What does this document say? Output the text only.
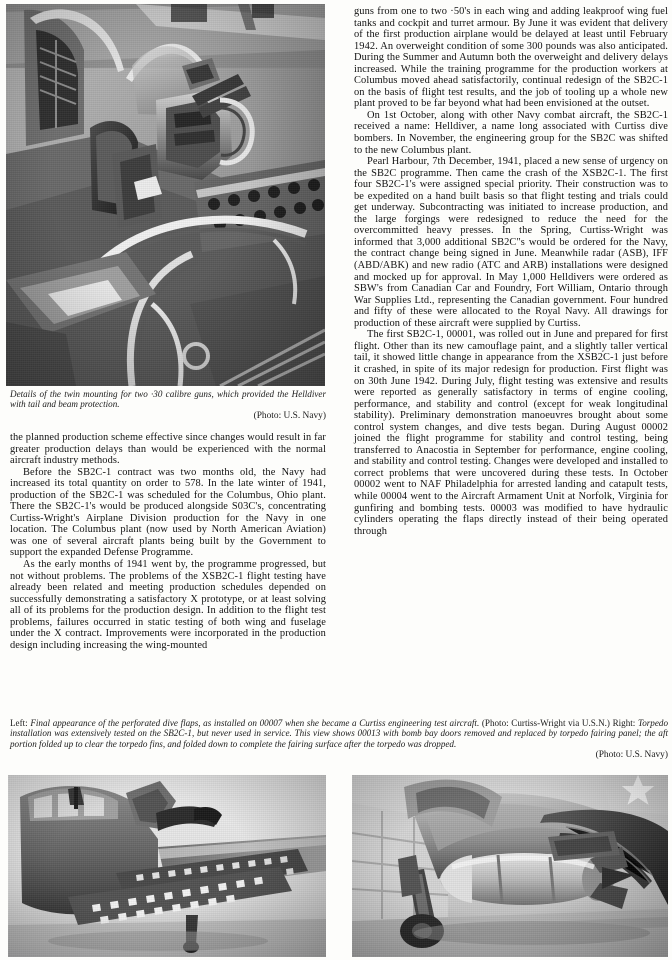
Details of the twin mounting for two ·30 calibre guns, which provided the Helldiver with tail and beam protection.
(Photo: U.S. Navy)

the planned production scheme effective since changes would result in far greater production delays than would be experienced with the normal aircraft industry methods.

Before the SB2C-1 contract was two months old, the Navy had increased its total quantity on order to 578. In the late winter of 1941, production of the SB2C-1 was scheduled for the Columbus, Ohio plant. There the SB2C-1's would be produced alongside S03C's, concentrating Curtiss-Wright's Airplane Division production for the Navy in one location. The Columbus plant (now used by North American Aviation) was one of several aircraft plants being built by the Government to support the expanded Defense Programme.

As the early months of 1941 went by, the programme progressed, but not without problems. The problems of the XSB2C-1 flight testing have already been related and meeting production schedules depended on successfully demonstrating a satisfactory X prototype, or at least solving all of its problems for the production design. In addition to the flight test problems, failures occurred in static testing of both wing and fuselage under the X contract. Improvements were incorporated in the production design including increasing the wing-mounted

guns from one to two ·50's in each wing and adding leakproof wing fuel tanks and cockpit and turret armour. By June it was evident that delivery of the first production airplane would be delayed at least until February 1942. An overweight condition of some 300 pounds was also anticipated. During the Summer and Autumn both the overweight and delivery delays increased. While the training programme for the production workers at Columbus moved ahead satisfactorily, continual redesign of the SB2C-1 on the basis of flight test results, and the job of tooling up a whole new plant proved to be far beyond what had been envisioned at the outset.

On 1st October, along with other Navy combat aircraft, the SB2C-1 received a name: Helldiver, a name long associated with Curtiss dive bombers. In November, the engineering group for the SB2C was shifted to the new Columbus plant.

Pearl Harbour, 7th December, 1941, placed a new sense of urgency on the SB2C programme. Then came the crash of the XSB2C-1. The first four SB2C-1's were assigned special priority. Their construction was to be expedited on a hand built basis so that flight testing and trials could get underway. Subcontracting was initiated to increase production, and the large forgings were redesigned to reduce the need for the overcommitted heavy presses. In the Spring, Curtiss-Wright was informed that 3,000 additional SB2C"s would be ordered for the Navy, the contract change being signed in June. Meanwhile radar (ASB), IFF (ABD/ABK) and new radio (ATC and ARB) installations were designed and mocked up for approval. In May 1,000 Helldivers were ordered as SBW's from Canadian Car and Foundry, Fort William, Ontario through War Supplies Ltd., representing the Canadian government. Four hundred and fifty of these were allocated to the Royal Navy. All drawings for production of these aircraft were supplied by Curtiss.

The first SB2C-1, 00001, was rolled out in June and prepared for first flight. Other than its new camouflage paint, and a slightly taller vertical tail, it showed little change in appearance from the XSB2C-1 just before it crashed, in spite of its major redesign for production. First flight was on 30th June 1942. During July, flight testing was extensive and results were reported as generally satisfactory in terms of engine cooling, performance, and stability and control (except for weak longitudinal stability). Preliminary demonstration manoeuvres brought about some control system changes, and dive tests began. During August 00002 joined the flight programme for stability and control testing, being transferred to Anacostia in September for performance, engine cooling, and stability and control testing. Changes were developed and installed to correct problems that were uncovered during these tests. In October 00002 went to NAF Philadelphia for arrested landing and catapult tests, while 00004 went to the Aircraft Armament Unit at Norfolk, Virginia for gunfiring and bombing tests. 00003 was modified to have hydraulic cylinders operating the flaps directly instead of their being operated through

Left: Final appearance of the perforated dive flaps, as installed on 00007 when she became a Curtiss engineering test aircraft. (Photo: Curtiss-Wright via U.S.N.) Right: Torpedo installation was extensively tested on the SB2C-1, but never used in service. This view shows 00013 with bomb bay doors removed and replaced by torpedo fairing panel; the aft portion folded up to clear the torpedo fins, and folded down to complete the fairing surface after the torpedo was dropped.
(Photo: U.S. Navy)
